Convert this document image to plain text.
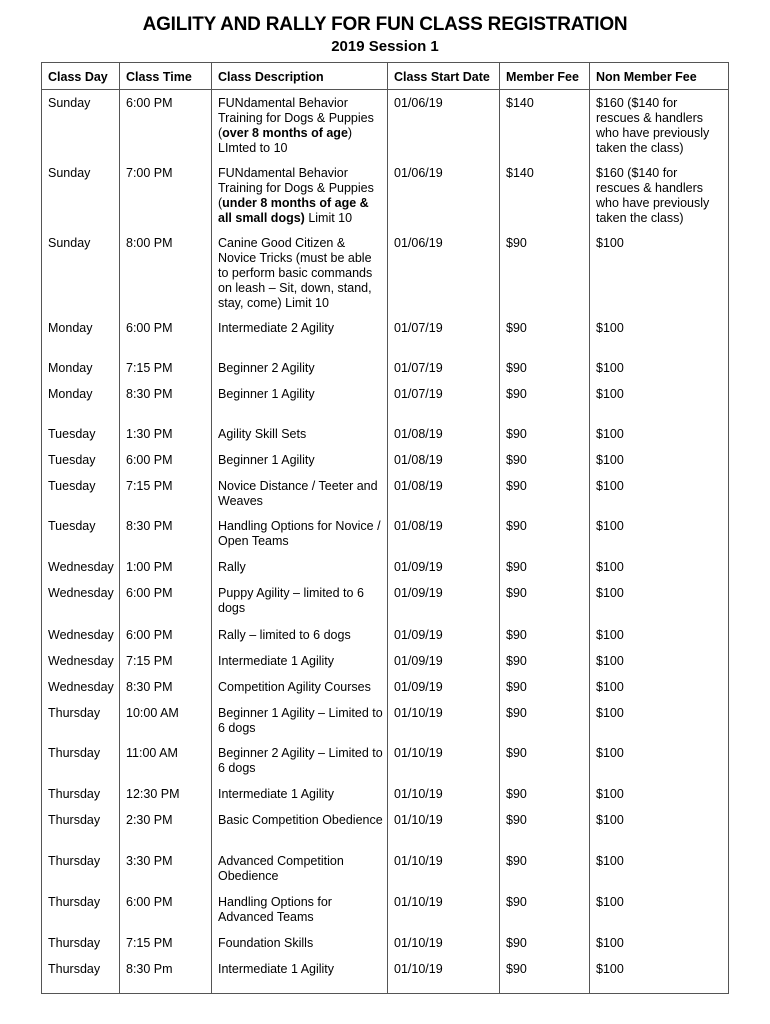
AGILITY AND RALLY FOR FUN CLASS REGISTRATION
2019 Session 1
Class Day	Class Time	Class Description	Class Start Date	Member Fee	Non Member Fee
Sunday	6:00 PM	FUNdamental Behavior Training for Dogs & Puppies (over 8 months of age) LImted to 10	01/06/19	$140	$160 ($140 for rescues & handlers who have previously taken the class)
Sunday	7:00 PM	FUNdamental Behavior Training for Dogs & Puppies (under 8 months of age & all small dogs) Limit 10	01/06/19	$140	$160 ($140 for rescues & handlers who have previously taken the class)
Sunday	8:00 PM	Canine Good Citizen & Novice Tricks (must be able to perform basic commands on leash – Sit, down, stand, stay, come) Limit 10	01/06/19	$90	$100
Monday	6:00 PM	Intermediate 2 Agility	01/07/19	$90	$100
Monday	7:15 PM	Beginner 2 Agility	01/07/19	$90	$100
Monday	8:30 PM	Beginner 1 Agility	01/07/19	$90	$100
Tuesday	1:30 PM	Agility Skill Sets	01/08/19	$90	$100
Tuesday	6:00 PM	Beginner 1 Agility	01/08/19	$90	$100
Tuesday	7:15 PM	Novice Distance / Teeter and Weaves	01/08/19	$90	$100
Tuesday	8:30 PM	Handling Options for Novice / Open Teams	01/08/19	$90	$100
Wednesday	1:00 PM	Rally	01/09/19	$90	$100
Wednesday	6:00 PM	Puppy Agility – limited to 6 dogs	01/09/19	$90	$100
Wednesday	6:00 PM	Rally – limited to 6 dogs	01/09/19	$90	$100
Wednesday	7:15 PM	Intermediate 1 Agility	01/09/19	$90	$100
Wednesday	8:30 PM	Competition Agility Courses	01/09/19	$90	$100
Thursday	10:00 AM	Beginner 1 Agility – Limited to 6 dogs	01/10/19	$90	$100
Thursday	11:00 AM	Beginner 2 Agility – Limited to 6 dogs	01/10/19	$90	$100
Thursday	12:30 PM	Intermediate 1 Agility	01/10/19	$90	$100
Thursday	2:30 PM	Basic Competition Obedience	01/10/19	$90	$100
Thursday	3:30 PM	Advanced Competition Obedience	01/10/19	$90	$100
Thursday	6:00 PM	Handling Options for Advanced Teams	01/10/19	$90	$100
Thursday	7:15 PM	Foundation Skills	01/10/19	$90	$100
Thursday	8:30 Pm	Intermediate 1 Agility	01/10/19	$90	$100
